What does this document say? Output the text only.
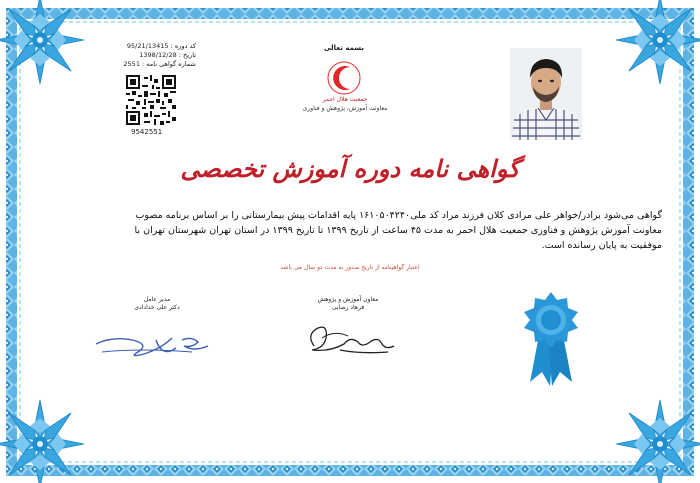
کد دوره : 95/21/13415
تاریخ : 1398/12/28
شماره گواهی نامه : 2551
9542551
بسمه تعالی
جمعیت هلال احمر
معاونت آموزش، پژوهش و فناوری
گواهی نامه دوره آموزش تخصصی
گواهی می‌شود برادر/خواهر علی مرادی کلان فرزند مراد کد ملی۱۶۱۰۵۰۴۲۴۰ پایه اقدامات پیش بیمارستانی را بر اساس برنامه مصوب
معاونت آموزش پژوهش و فناوری جمعیت هلال احمر به مدت ۴۵ ساعت از تاریخ ۱۳۹۹ تا تاریخ ۱۳۹۹ در استان تهران شهرستان تهران با
موفقیت به پایان رسانده است.
اعتبار گواهینامه از تاریخ صدور به مدت دو سال می باشد
مدیر عامل
دکتر علی خدادادی
معاون آموزش و پژوهش
فرهاد رضایی
